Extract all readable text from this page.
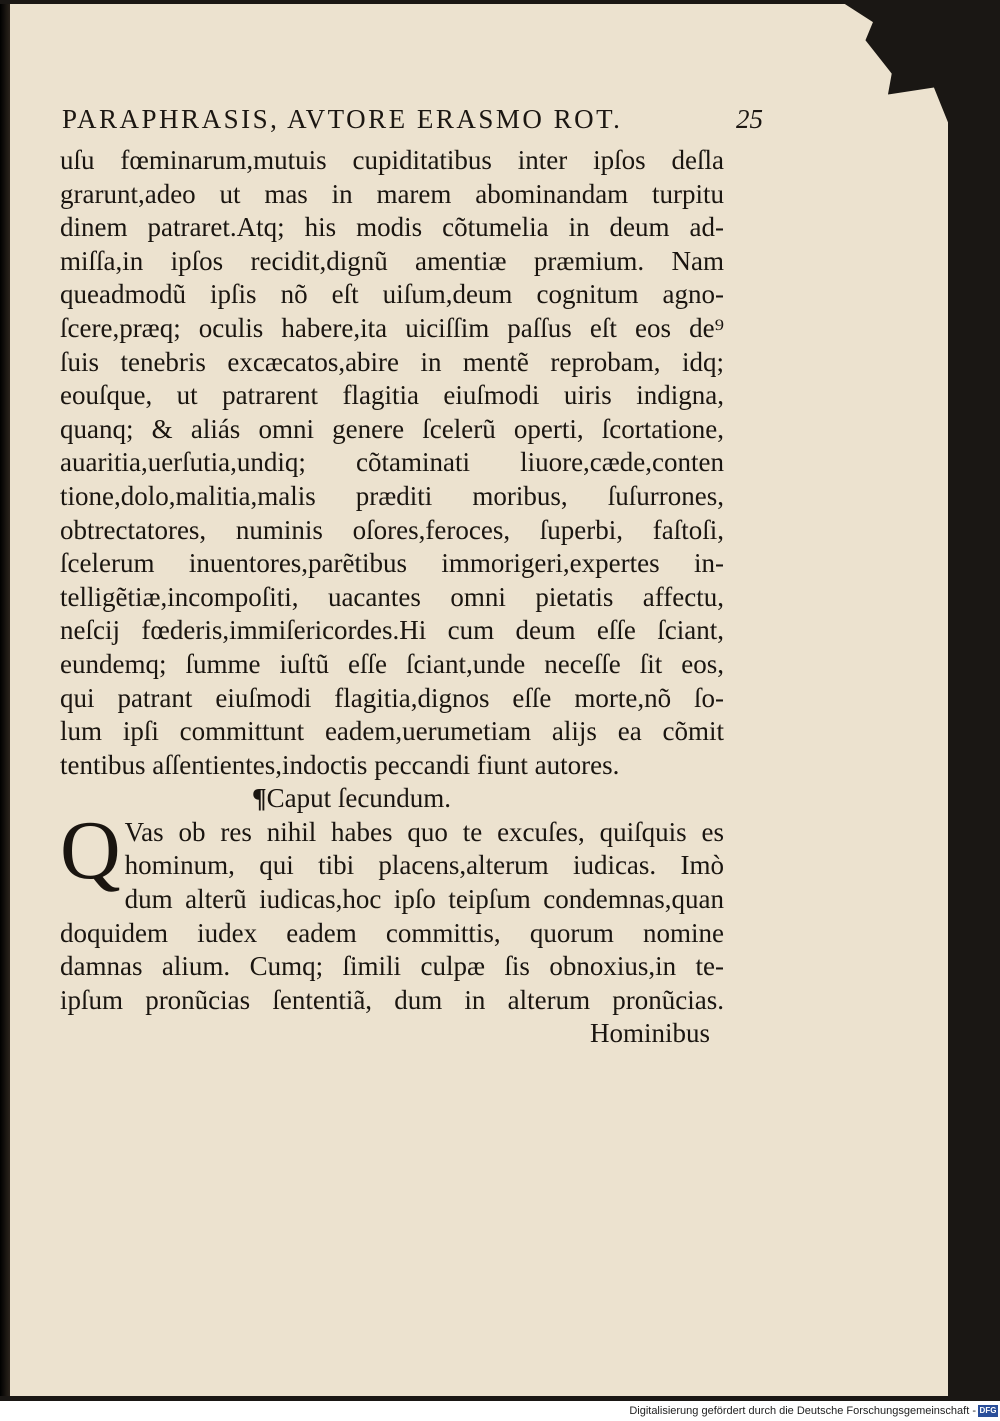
PARAPHRASIS, AVTORE ERASMO ROT.	25
uſu fœminarum,mutuis cupiditatibus inter ipſos deſla
grarunt,adeo ut mas in marem abominandam turpitu
dinem patraret.Atq; his modis cõtumelia in deum ad-
miſſa,in ipſos recidit,dignũ amentiæ præmium. Nam
queadmodũ ipſis nõ eſt uiſum,deum cognitum agno-
ſcere,præq; oculis habere,ita uiciſſim paſſus eſt eos de⁹
ſuis tenebris excæcatos,abire in mentẽ reprobam, idq;
eouſque, ut patrarent flagitia eiuſmodi uiris indigna,
quanq; & aliás omni genere ſcelerũ operti, ſcortatione,
auaritia,uerſutia,undiq; cõtaminati liuore,cæde,conten
tione,dolo,malitia,malis præditi moribus, ſuſurrones,
obtrectatores, numinis oſores,feroces, ſuperbi, faſtoſi,
ſcelerum inuentores,parẽtibus immorigeri,expertes in-
telligẽtiæ,incompoſiti, uacantes omni pietatis affectu,
neſcij fœderis,immiſericordes.Hi cum deum eſſe ſciant,
eundemq; ſumme iuſtũ eſſe ſciant,unde neceſſe ſit eos,
qui patrant eiuſmodi flagitia,dignos eſſe morte,nõ ſo-
lum ipſi committunt eadem,uerumetiam alijs ea cõmit
tentibus aſſentientes,indoctis peccandi fiunt autores.
¶Caput ſecundum.
Q Vas ob res nihil habes quo te excuſes, quiſquis es
hominum, qui tibi placens,alterum iudicas. Imò
dum alterũ iudicas,hoc ipſo teipſum condemnas,quan
doquidem iudex eadem committis, quorum nomine
damnas alium. Cumq; ſimili culpæ ſis obnoxius,in te-
ipſum pronũcias ſententiã, dum in alterum pronũcias.
Hominibus
Digitalisierung gefördert durch die Deutsche Forschungsgemeinschaft - DFG
